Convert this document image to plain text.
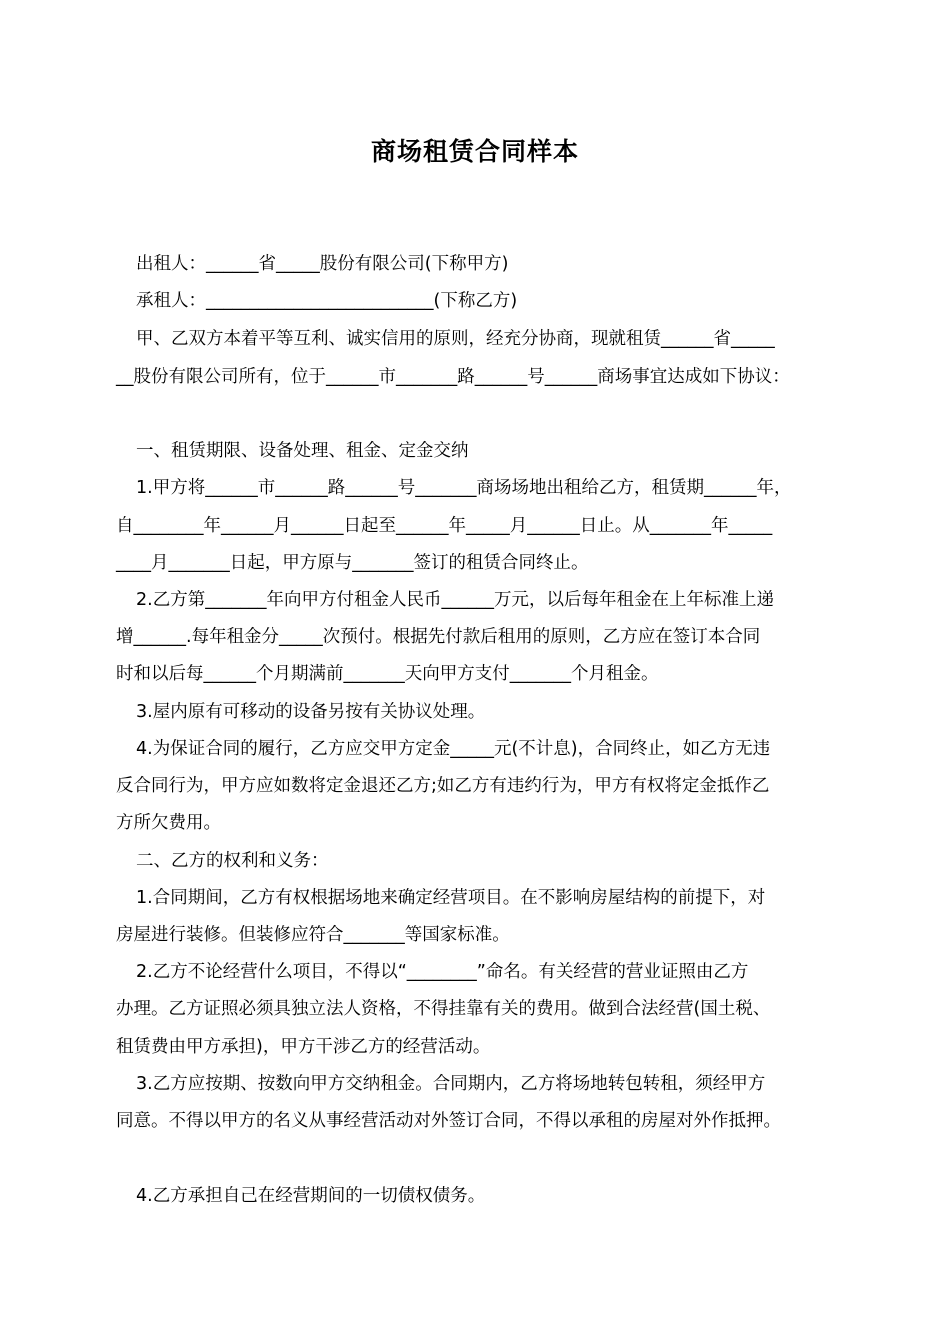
商场租赁合同样本
出租人：______省_____股份有限公司(下称甲方)
承租人：__________________________(下称乙方)
甲、乙双方本着平等互利、诚实信用的原则，经充分协商，现就租赁______省_____
__股份有限公司所有，位于______市_______路______号______商场事宜达成如下协议：
一、租赁期限、设备处理、租金、定金交纳
1.甲方将______市______路______号_______商场场地出租给乙方，租赁期______年，
自________年______月______日起至______年_____月______日止。从_______年_____
____月_______日起，甲方原与_______签订的租赁合同终止。
2.乙方第_______年向甲方付租金人民币______万元，以后每年租金在上年标准上递
增______.每年租金分_____次预付。根据先付款后租用的原则，乙方应在签订本合同
时和以后每______个月期满前_______天向甲方支付_______个月租金。
3.屋内原有可移动的设备另按有关协议处理。
4.为保证合同的履行，乙方应交甲方定金_____元(不计息)，合同终止，如乙方无违
反合同行为，甲方应如数将定金退还乙方;如乙方有违约行为，甲方有权将定金抵作乙
方所欠费用。
二、乙方的权利和义务：
1.合同期间，乙方有权根据场地来确定经营项目。在不影响房屋结构的前提下，对
房屋进行装修。但装修应符合_______等国家标准。
2.乙方不论经营什么项目，不得以“________”命名。有关经营的营业证照由乙方
办理。乙方证照必须具独立法人资格，不得挂靠有关的费用。做到合法经营(国土税、
租赁费由甲方承担)，甲方干涉乙方的经营活动。
3.乙方应按期、按数向甲方交纳租金。合同期内，乙方将场地转包转租，须经甲方
同意。不得以甲方的名义从事经营活动对外签订合同，不得以承租的房屋对外作抵押。
4.乙方承担自己在经营期间的一切债权债务。
